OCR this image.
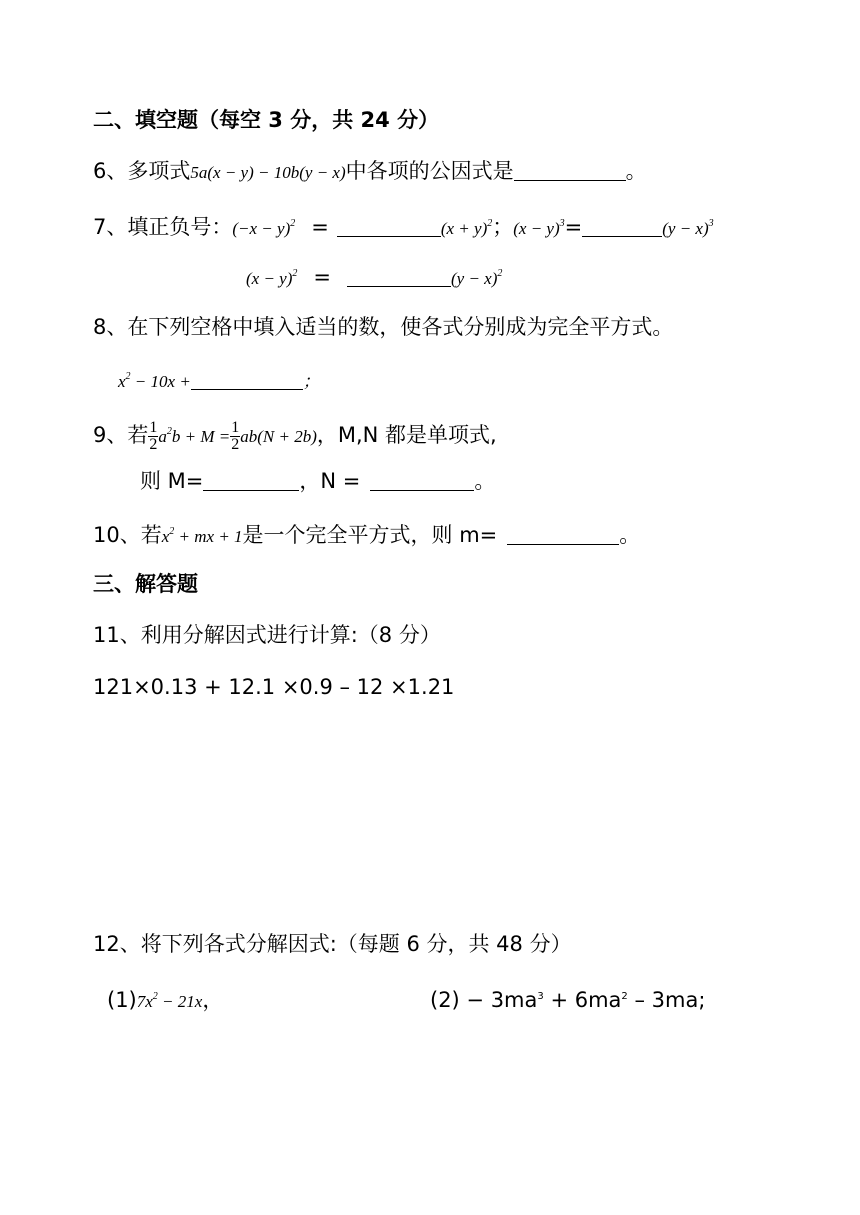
二、填空题（每空 3 分，共 24 分）
6、多项式5a(x − y) − 10b(y − x)中各项的公因式是	。
7、填正负号：$(-x - y)^2$ =	$(x + y)^2$；$(x - y)^3=$	$(y - x)^3$
$(x - y)^2$ =	$(y - x)^2$
8、在下列空格中填入适当的数，使各式分别成为完全平方式。
$x^2 - 10x$ +	；
9、若 $\frac{1}{2} a^2b + M = \frac{1}{2} ab(N + 2b)$，M,N 都是单项式,
则 M=	，N =	。
10、若$x^2$ + mx + 1是一个完全平方式，则 m=	。
三、解答题
11、利用分解因式进行计算:（8 分）
121×0.13 + 12.1 ×0.9 – 12 ×1.21
12、将下列各式分解因式:（每题 6 分，共 48 分）
$(1)7x^2 - 21x$，	$(2) - 3ma^3 + 6ma^2 - 3ma$;
